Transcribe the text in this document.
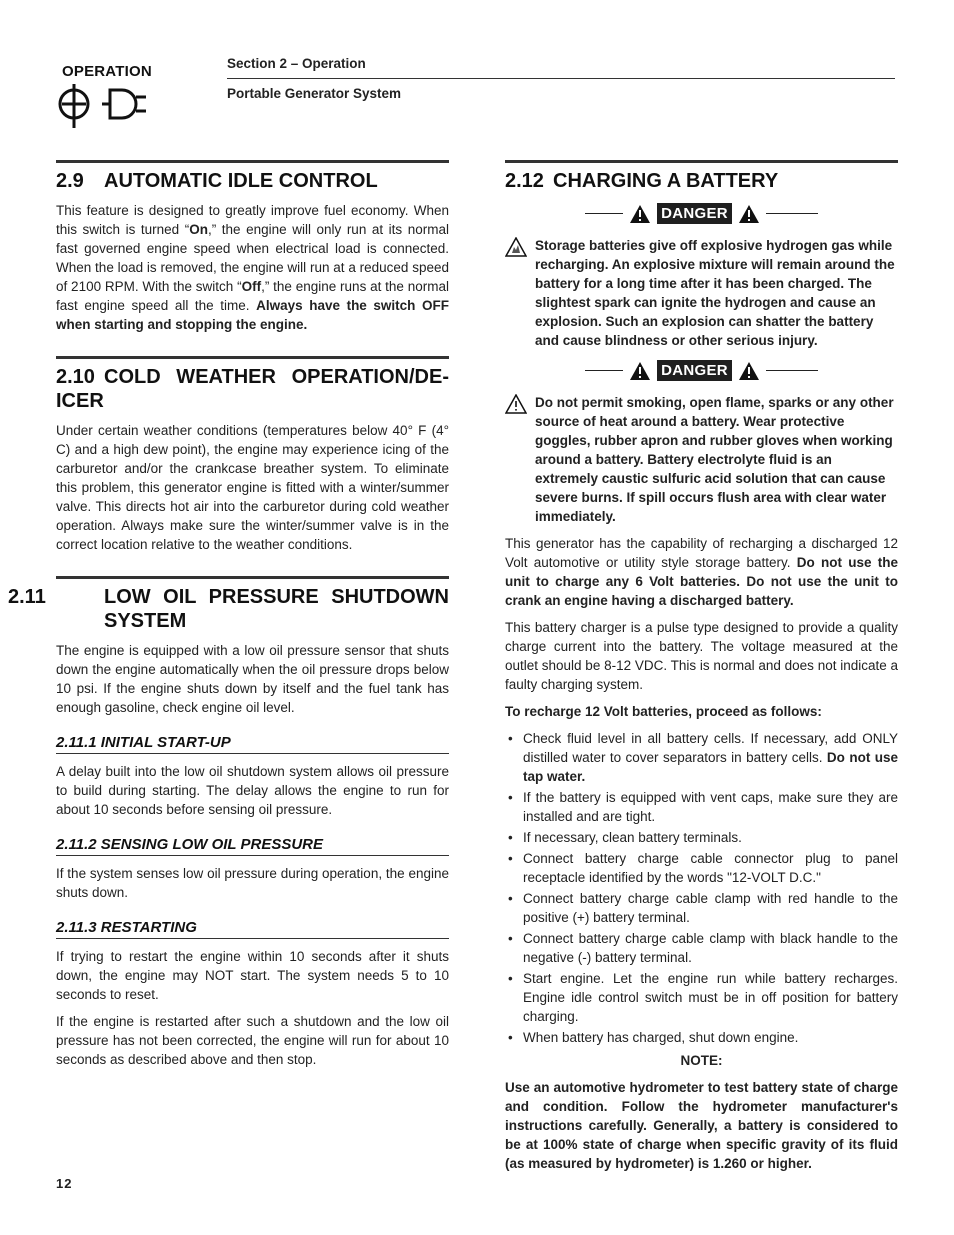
OPERATION	Section 2 – Operation
Portable Generator System
2.9 AUTOMATIC IDLE CONTROL

This feature is designed to greatly improve fuel economy. When this switch is turned “On,” the engine will only run at its normal fast governed engine speed when electrical load is connected. When the load is removed, the engine will run at a reduced speed of 2100 RPM. With the switch “Off,” the engine runs at the normal fast engine speed all the time. Always have the switch OFF when starting and stopping the engine.

2.10 COLD WEATHER OPERATION/DE-ICER

Under certain weather conditions (temperatures below 40° F (4° C) and a high dew point), the engine may experience icing of the carburetor and/or the crankcase breather system. To eliminate this problem, this generator engine is fitted with a winter/summer valve. This directs hot air into the carburetor during cold weather operation. Always make sure the winter/summer valve is in the correct location relative to the weather conditions.

2.11	LOW OIL PRESSURE SHUTDOWN SYSTEM

The engine is equipped with a low oil pressure sensor that shuts down the engine automatically when the oil pressure drops below 10 psi. If the engine shuts down by itself and the fuel tank has enough gasoline, check engine oil level.

2.11.1 INITIAL START-UP

A delay built into the low oil shutdown system allows oil pressure to build during starting. The delay allows the engine to run for about 10 seconds before sensing oil pressure.

2.11.2 SENSING LOW OIL PRESSURE

If the system senses low oil pressure during operation, the engine shuts down.

2.11.3 RESTARTING

If trying to restart the engine within 10 seconds after it shuts down, the engine may NOT start. The system needs 5 to 10 seconds to reset.

If the engine is restarted after such a shutdown and the low oil pressure has not been corrected, the engine will run for about 10 seconds as described above and then stop.

2.12 CHARGING A BATTERY
DANGER
Storage batteries give off explosive hydrogen gas while recharging. An explosive mixture will remain around the battery for a long time after it has been charged. The slightest spark can ignite the hydrogen and cause an explosion. Such an explosion can shatter the battery and cause blindness or other serious injury.
DANGER
Do not permit smoking, open flame, sparks or any other source of heat around a battery. Wear protective goggles, rubber apron and rubber gloves when working around a battery. Battery electrolyte fluid is an extremely caustic sulfuric acid solution that can cause severe burns. If spill occurs flush area with clear water immediately.

This generator has the capability of recharging a discharged 12 Volt automotive or utility style storage battery. Do not use the unit to charge any 6 Volt batteries. Do not use the unit to crank an engine having a discharged battery.

This battery charger is a pulse type designed to provide a quality charge current into the battery. The voltage measured at the outlet should be 8-12 VDC. This is normal and does not indicate a faulty charging system.

To recharge 12 Volt batteries, proceed as follows:

• Check fluid level in all battery cells. If necessary, add ONLY distilled water to cover separators in battery cells. Do not use tap water.
• If the battery is equipped with vent caps, make sure they are installed and are tight.
• If necessary, clean battery terminals.
• Connect battery charge cable connector plug to panel receptacle identified by the words "12-VOLT D.C."
• Connect battery charge cable clamp with red handle to the positive (+) battery terminal.
• Connect battery charge cable clamp with black handle to the negative (-) battery terminal.
• Start engine. Let the engine run while battery recharges. Engine idle control switch must be in off position for battery charging.
• When battery has charged, shut down engine.

NOTE:

Use an automotive hydrometer to test battery state of charge and condition. Follow the hydrometer manufacturer's instructions carefully. Generally, a battery is considered to be at 100% state of charge when specific gravity of its fluid (as measured by hydrometer) is 1.260 or higher.

12
